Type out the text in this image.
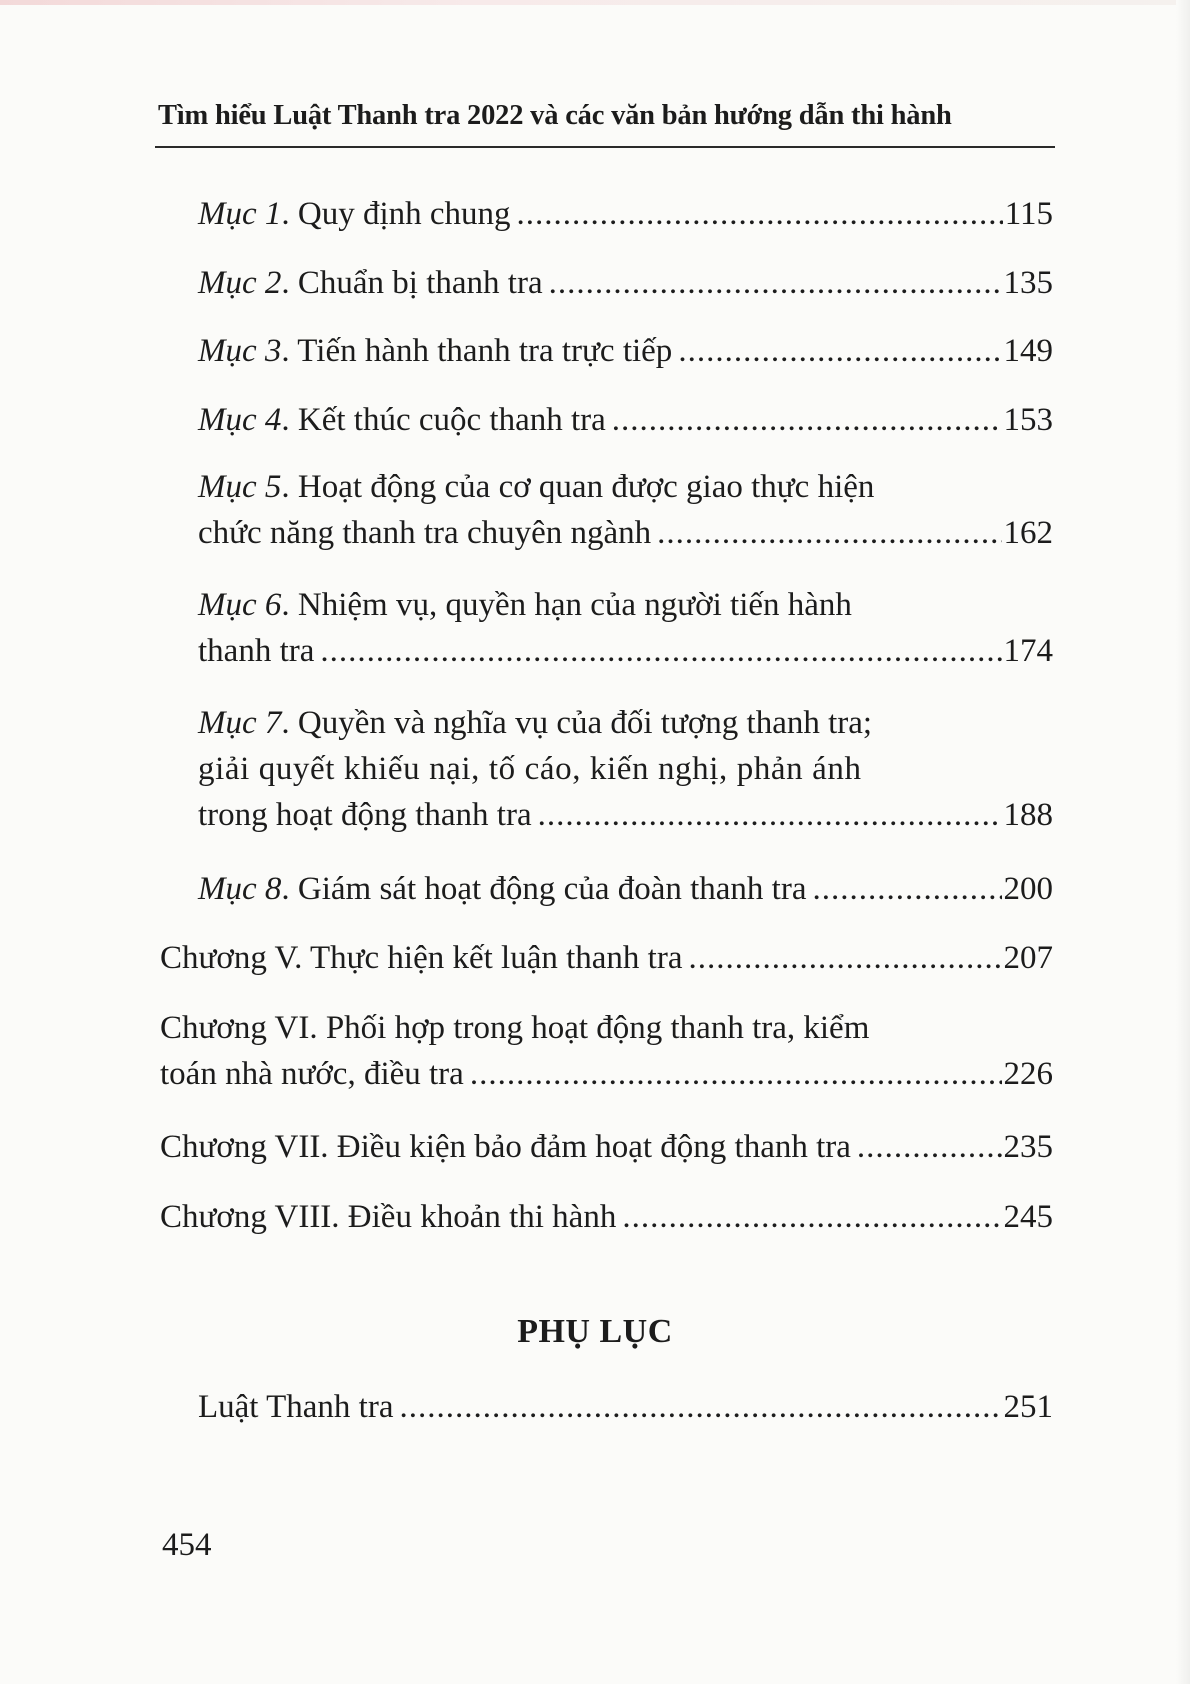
Tìm hiểu Luật Thanh tra 2022 và các văn bản hướng dẫn thi hành
Mục 1 . Quy định chung .....	115
Mục 2 . Chuẩn bị thanh tra .....	135
Mục 3 . Tiến hành thanh tra trực tiếp .....	149
Mục 4 . Kết thúc cuộc thanh tra .....	153
Mục 5. Hoạt động của cơ quan được giao thực hiện
chức năng thanh tra chuyên ngành .....	162
Mục 6. Nhiệm vụ, quyền hạn của người tiến hành
thanh tra .....	174
Mục 7. Quyền và nghĩa vụ của đối tượng thanh tra;
giải quyết khiếu nại, tố cáo, kiến nghị, phản ánh
trong hoạt động thanh tra .....	188
Mục 8 . Giám sát hoạt động của đoàn thanh tra .....	200
Chương V. Thực hiện kết luận thanh tra .....	207
Chương VI. Phối hợp trong hoạt động thanh tra, kiểm
toán nhà nước, điều tra .....	226
Chương VII. Điều kiện bảo đảm hoạt động thanh tra .....	235
Chương VIII. Điều khoản thi hành .....	245
PHỤ LỤC
Luật Thanh tra .....	251
454
